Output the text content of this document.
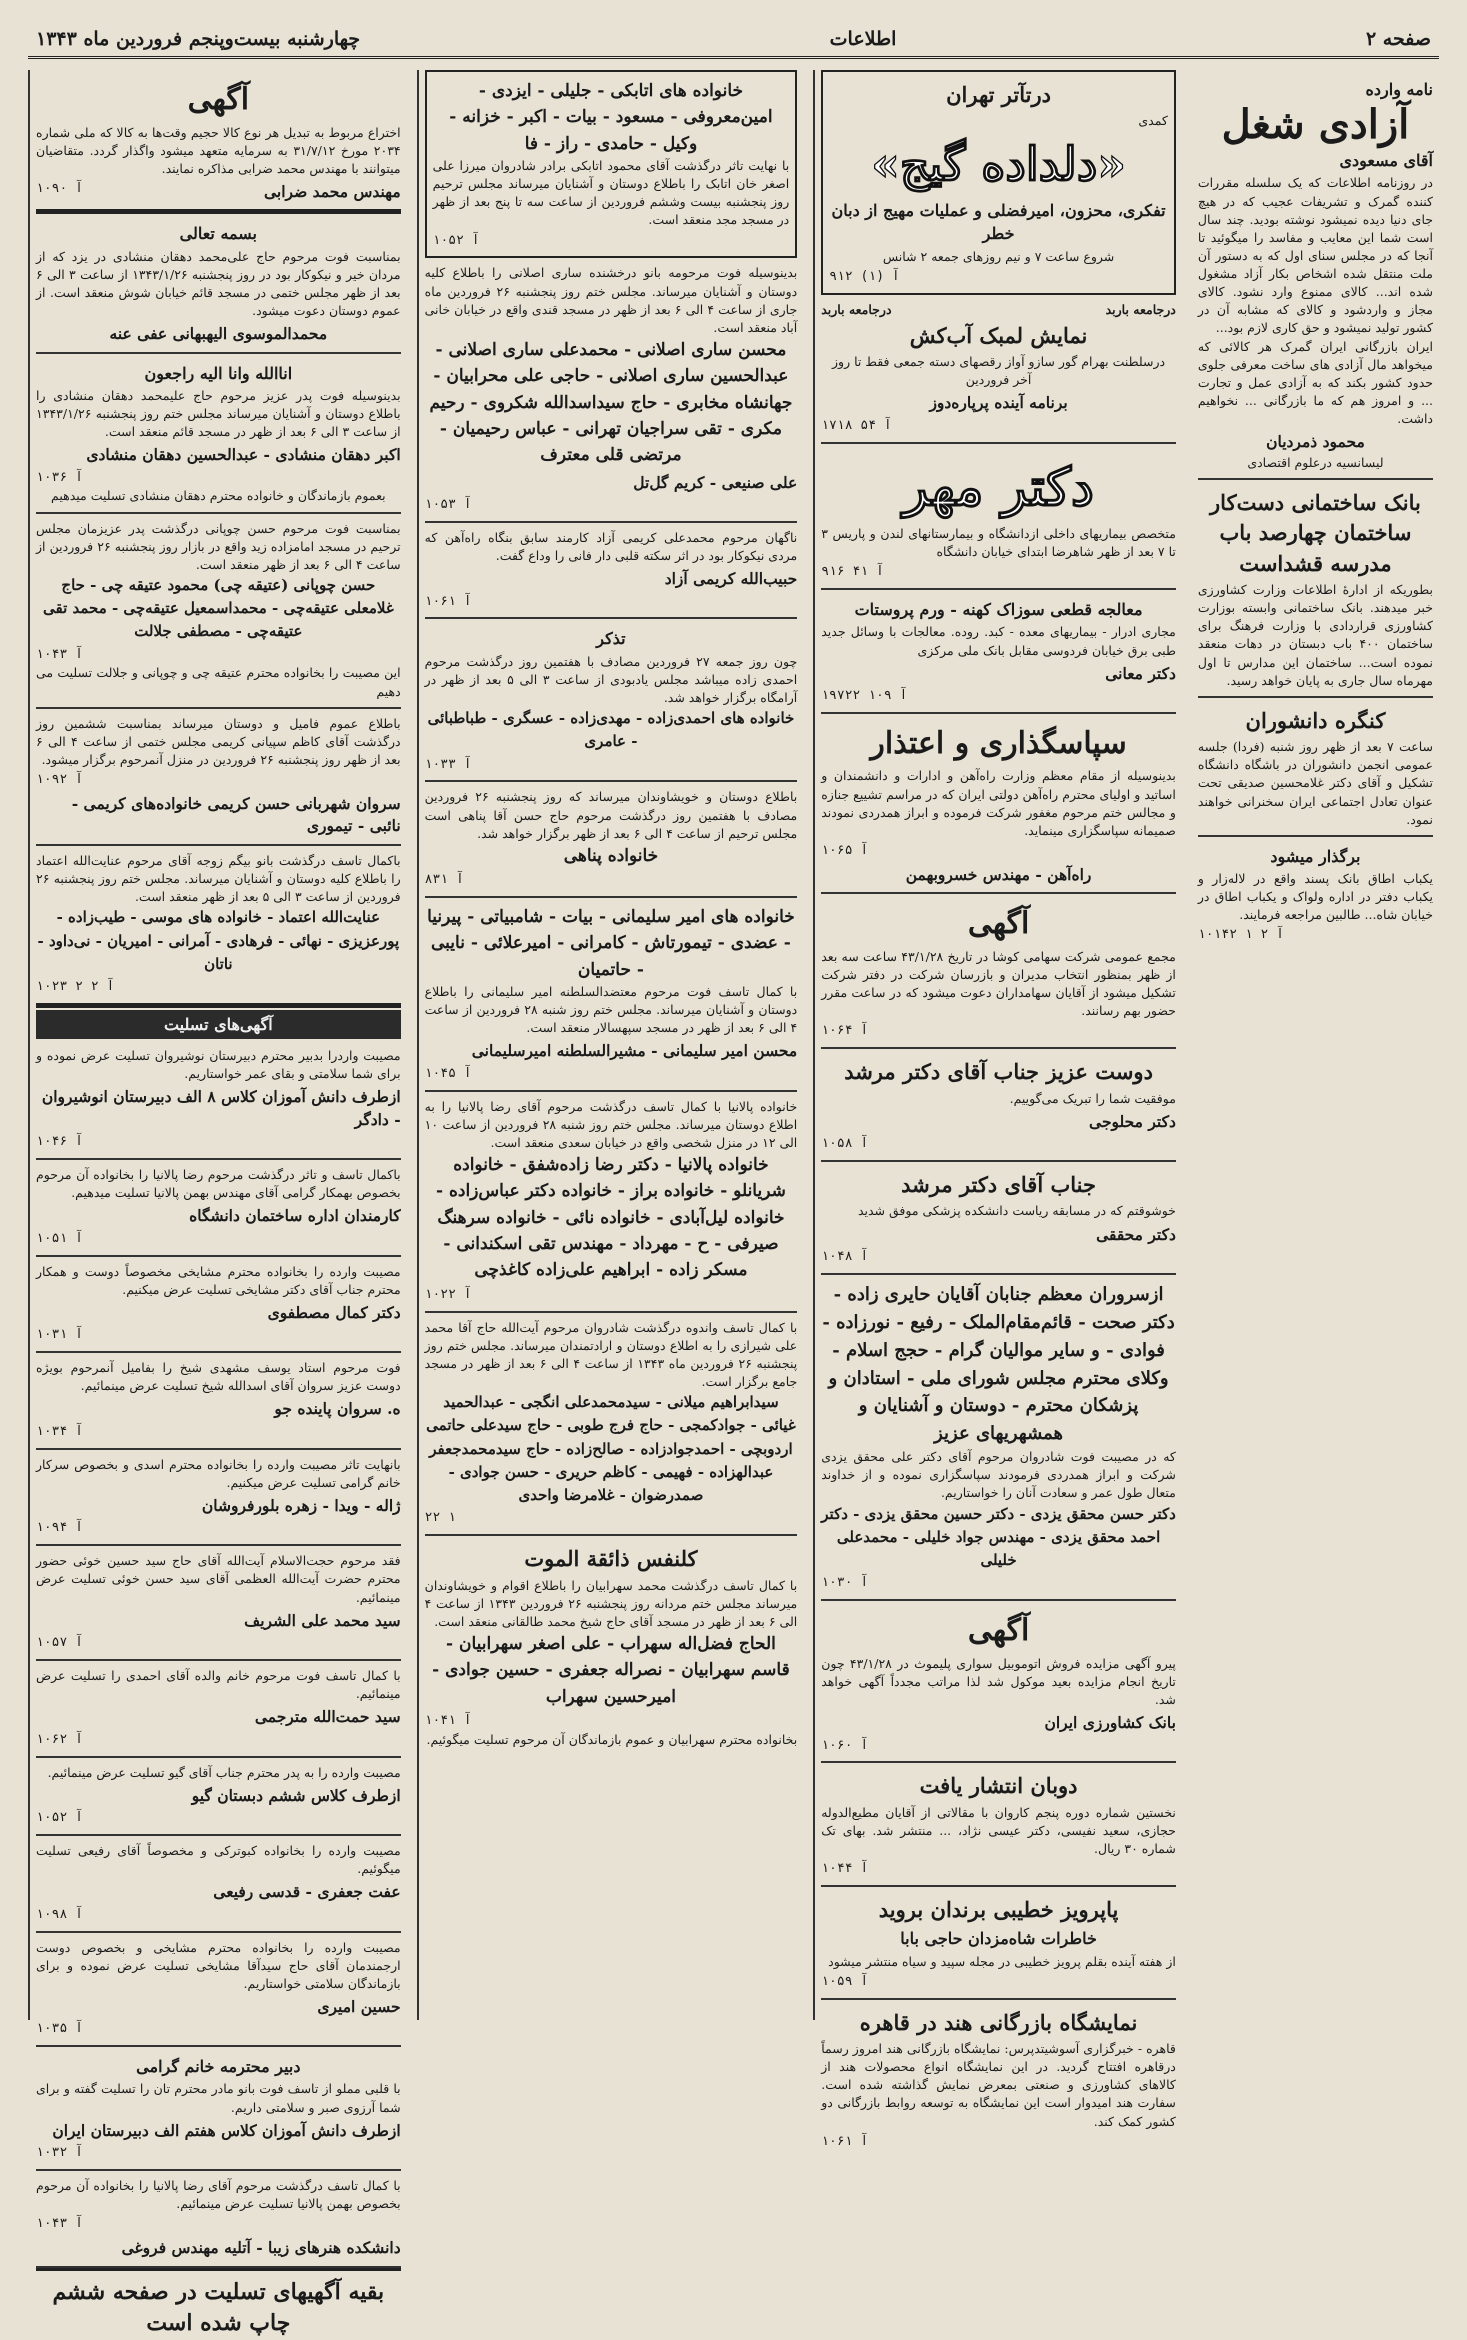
چهارشنبه بیست‌وپنجم فروردین ماه ۱۳۴۳	اطلاعات	صفحه ۲
نامه وارده
آزادی شغل
آقای مسعودی
در روزنامه اطلاعات که یک سلسله مقررات کننده گمرک و تشریفات عجیب که در هیچ جای دنیا دیده نمیشود نوشته بودید. چند سال است شما این معایب و مفاسد را میگوئید تا آنجا که در مجلس سنای اول که به دستور آن ملت منتقل شده اشخاص بکار آزاد مشغول شده اند... کالای ممنوع وارد نشود. کالای مجاز و واردشود و کالای که مشابه آن در کشور تولید نمیشود و حق کاری لازم بود...
ایران بازرگانی ایران گمرک هر کالائی که میخواهد مال آزادی های ساخت معرفی جلوی حدود کشور بکند که به آزادی عمل و تجارت ... و امروز هم که ما بازرگانی ... نخواهیم داشت.
محمود ذمردیان
لیسانسیه درعلوم اقتصادی
بانک ساختمانی دست‌کار ساختمان چهارصد باب مدرسه قشداست
بطوریکه از ادارهٔ اطلاعات وزارت کشاورزی خبر میدهند. بانک ساختمانی وابسته بوزارت کشاورزی قراردادی با وزارت فرهنگ برای ساختمان ۴۰۰ باب دبستان در دهات منعقد نموده است... ساختمان این مدارس تا اول مهرماه سال جاری به پایان خواهد رسید.
کنگره دانشوران
ساعت ۷ بعد از ظهر روز شنبه (فردا) جلسه عمومی انجمن دانشوران در باشگاه دانشگاه تشکیل و آقای دکتر غلامحسین صدیقی تحت عنوان تعادل اجتماعی ایران سخنرانی خواهند نمود.
برگذار میشود
یکباب اطاق بانک پسند واقع در لاله‌زار و یکباب دفتر در اداره ولواک و یکباب اطاق در خیابان شاه... طالبین مراجعه فرمایند.
۱۰۱۴۲ آ ۲ ۱
درتآتر تهران
کمدی
«دلداده گیج»
تفکری، محزون، امیرفضلی و عملیات مهیج از دبان خطر
شروع ساعت ۷ و نیم روزهای جمعه ۲ شانس
۹۱۲ آ (۱)
درجامعه باربد
درجامعه باربد
نمایش لمبک آب‌کش
درسلطنت بهرام گور سازو آواز رقصهای دسته جمعی فقط تا روز آخر فروردین
برنامه آینده پرپاره‌دوز
۱۷۱۸ آ ۵۴
دکتر مهر
متخصص بیماریهای داخلی ازدانشگاه و بیمارستانهای لندن و پاریس ۳ تا ۷ بعد از ظهر شاهرضا ابتدای خیابان دانشگاه
۹۱۶ آ ۴۱
معالجه قطعی سوزاک کهنه - ورم پروستات
مجاری ادرار - بیماریهای معده - کبد. روده. معالجات با وسائل جدید طبی برق خیابان فردوسی مقابل بانک ملی مرکزی
دکتر معانی
۱۹۷۲۲ آ ۱۰۹
سپاسگذاری و اعتذار
بدینوسیله از مقام معظم وزارت راه‌آهن و ادارات و دانشمندان و اساتید و اولیای محترم راه‌آهن دولتی ایران که در مراسم تشییع جنازه و مجالس ختم مرحوم مغفور شرکت فرموده و ابراز همدردی نمودند صمیمانه سپاسگزاری مینماید.
۱۰۶۵ آ
راه‌آهن - مهندس خسروبهمن
آگهی
مجمع عمومی شرکت سهامی کوشا در تاریخ ۴۳/۱/۲۸ ساعت سه بعد از ظهر بمنظور انتخاب مدیران و بازرسان شرکت در دفتر شرکت تشکیل میشود از آقایان سهامداران دعوت میشود که در ساعت مقرر حضور بهم رسانند.
۱۰۶۴ آ
دوست عزیز جناب آقای دکتر مرشد
موفقیت شما را تبریک می‌گوییم.
دکتر محلوجی
۱۰۵۸ آ
جناب آقای دکتر مرشد
خوشوقتم که در مسابقه ریاست دانشکده پزشکی موفق شدید
دکتر محققی
۱۰۴۸ آ
ازسروران معظم جنابان آقایان حایری زاده - دکتر صحت - قائم‌مقام‌الملک - رفیع - نورزاده - فوادی - و سایر موالیان گرام - حجج اسلام - وکلای محترم مجلس شورای ملی - استادان و پزشکان محترم - دوستان و آشنایان و همشهریهای عزیز
که در مصیبت فوت شادروان مرحوم آقای دکتر علی محقق یزدی شرکت و ابراز همدردی فرمودند سپاسگزاری نموده و از خداوند متعال طول عمر و سعادت آنان را خواستاریم.
دکتر حسن محقق یزدی - دکتر حسین محقق یزدی - دکتر احمد محقق یزدی - مهندس جواد خلیلی - محمدعلی خلیلی
۱۰۳۰ آ
آگهی
پیرو آگهی مزایده فروش اتوموبیل سواری پلیموث در ۴۳/۱/۲۸ چون تاریخ انجام مزایده بعید موکول شد لذا مراتب مجدداً آگهی خواهد شد.
بانک کشاورزی ایران
۱۰۶۰ آ
دوبان انتشار یافت
نخستین شماره دوره پنجم کاروان با مقالاتی از آقایان مطیع‌الدوله حجازی، سعید نفیسی، دکتر عیسی نژاد، ... منتشر شد. بهای تک شماره ۳۰ ریال.
۱۰۴۴ آ
پاپرویز خطیبی برندان بروید
خاطرات شاه‌مزدان حاجی بابا
از هفته آینده بقلم پرویز خطیبی در مجله سپید و سیاه منتشر میشود
۱۰۵۹ آ
نمایشگاه بازرگانی هند در قاهره
قاهره - خبرگزاری آسوشیتدپرس: نمایشگاه بازرگانی هند امروز رسماً درقاهره افتتاح گردید. در این نمایشگاه انواع محصولات هند از کالاهای کشاورزی و صنعتی بمعرض نمایش گذاشته شده است. سفارت هند امیدوار است این نمایشگاه به توسعه روابط بازرگانی دو کشور کمک کند.
۱۰۶۱ آ
خانواده های اتابکی - جلیلی - ایزدی - امین‌معروفی - مسعود - بیات - اکبر - خزانه - وکیل - حامدی - راز - فا
با نهایت تاثر درگذشت آقای محمود اتابکی برادر شادروان میرزا علی اصغر خان اتابک را باطلاع دوستان و آشنایان میرساند مجلس ترحیم روز پنجشنبه بیست وششم فروردین از ساعت سه تا پنج بعد از ظهر در مسجد مجد منعقد است.
۱۰۵۲ آ
بدینوسیله فوت مرحومه بانو درخشنده ساری اصلانی را باطلاع کلیه دوستان و آشنایان میرساند. مجلس ختم روز پنجشنبه ۲۶ فروردین ماه جاری از ساعت ۴ الی ۶ بعد از ظهر در مسجد قندی واقع در خیابان خانی آباد منعقد است.
محسن ساری اصلانی - محمدعلی ساری اصلانی - عبدالحسین ساری اصلانی - حاجی علی محرابیان - جهانشاه مخابری - حاج سیداسدالله شکروی - رحیم مکری - تقی سراجیان تهرانی - عباس رحیمیان - مرتضی قلی معترف
علی صنیعی - کریم گل‌تل
۱۰۵۳ آ
ناگهان مرحوم محمدعلی کریمی آزاد کارمند سابق بنگاه راه‌آهن که مردی نیکوکار بود در اثر سکته قلبی دار فانی را وداع گفت.
حبیب‌الله کریمی آزاد
۱۰۶۱ آ
تذکر
چون روز جمعه ۲۷ فروردین مصادف با هفتمین روز درگذشت مرحوم احمدی زاده میباشد مجلس یادبودی از ساعت ۳ الی ۵ بعد از ظهر در آرامگاه برگزار خواهد شد.
خانواده های احمدی‌زاده - مهدی‌زاده - عسگری - طباطبائی - عامری
۱۰۳۳ آ
باطلاع دوستان و خویشاوندان میرساند که روز پنجشنبه ۲۶ فروردین مصادف با هفتمین روز درگذشت مرحوم حاج حسن آقا پناهی است مجلس ترحیم از ساعت ۴ الی ۶ بعد از ظهر برگزار خواهد شد.
خانواده پناهی
۸۳۱ آ
خانواده های امیر سلیمانی - بیات - شامبیاتی - پیرنیا - عضدی - تیمورتاش - کامرانی - امیرعلائی - نایبی - حاتمیان
با کمال تاسف فوت مرحوم معتضدالسلطنه امیر سلیمانی را باطلاع دوستان و آشنایان میرساند. مجلس ختم روز شنبه ۲۸ فروردین از ساعت ۴ الی ۶ بعد از ظهر در مسجد سپهسالار منعقد است.
محسن امیر سلیمانی - مشیرالسلطنه امیرسلیمانی
۱۰۴۵ آ
خانواده پالانیا با کمال تاسف درگذشت مرحوم آقای رضا پالانیا را به اطلاع دوستان میرساند. مجلس ختم روز شنبه ۲۸ فروردین از ساعت ۱۰ الی ۱۲ در منزل شخصی واقع در خیابان سعدی منعقد است.
خانواده پالانیا - دکتر رضا زاده‌شفق - خانواده شریانلو - خانواده براز - خانواده دکتر عباس‌زاده - خانواده لیل‌آبادی - خانواده نائی - خانواده سرهنگ صیرفی - ح - مهرداد - مهندس تقی اسکندانی - مسکر زاده - ابراهیم علی‌زاده کاغذچی
۱۰۲۲ آ
با کمال تاسف واندوه درگذشت شادروان مرحوم آیت‌الله حاج آقا محمد علی شیرازی را به اطلاع دوستان و ارادتمندان میرساند. مجلس ختم روز پنجشنبه ۲۶ فروردین ماه ۱۳۴۳ از ساعت ۴ الی ۶ بعد از ظهر در مسجد جامع برگزار است.
سیدابراهیم میلانی - سیدمحمدعلی انگجی - عبدالحمید غیائی - جوادکمجی - حاج فرج طوبی - حاج سیدعلی حاتمی اردوبچی - احمدجوادزاده - صالح‌زاده - حاج سیدمحمدجعفر عبدالهزاده - فهیمی - کاظم حریری - حسن جوادی - صمدرضوان - غلامرضا واحدی
۲۲ ۱
کلنفس ذائقة الموت
با کمال تاسف درگذشت محمد سهرابیان را باطلاع اقوام و خویشاوندان میرساند مجلس ختم مردانه روز پنجشنبه ۲۶ فروردین ۱۳۴۳ از ساعت ۴ الی ۶ بعد از ظهر در مسجد آقای حاج شیخ محمد طالقانی منعقد است.
الحاج فضل‌اله سهراب - علی اصغر سهرابیان - قاسم سهرابیان - نصراله جعفری - حسین جوادی - امیرحسین سهراب
۱۰۴۱ آ
بخانواده محترم سهرابیان و عموم بازماندگان آن مرحوم تسلیت میگوئیم.
آگهی
اختراع مربوط به تبدیل هر نوع کالا حجیم وقت‌ها به کالا که ملی شماره ۲۰۳۴ مورخ ۳۱/۷/۱۲ به سرمایه متعهد میشود واگذار گردد. متقاضیان میتوانند با مهندس محمد ضرابی مذاکره نمایند.
مهندس محمد ضرابی
۱۰۹۰ آ
بسمه تعالی
بمناسبت فوت مرحوم حاج علی‌محمد دهقان منشادی در یزد که از مردان خیر و نیکوکار بود در روز پنجشنبه ۱۳۴۳/۱/۲۶ از ساعت ۳ الی ۶ بعد از ظهر مجلس ختمی در مسجد قائم خیابان شوش منعقد است. از عموم دوستان دعوت میشود.
محمدالموسوی الیهبهانی عفی عنه
اناالله وانا الیه راجعون
بدینوسیله فوت پدر عزیز مرحوم حاج علیمحمد دهقان منشادی را باطلاع دوستان و آشنایان میرساند مجلس ختم روز پنجشنبه ۱۳۴۳/۱/۲۶ از ساعت ۳ الی ۶ بعد از ظهر در مسجد قائم منعقد است.
اکبر دهقان منشادی - عبدالحسین دهقان منشادی
۱۰۳۶ آ
بعموم بازماندگان و خانواده محترم دهقان منشادی تسلیت میدهیم
بمناسبت فوت مرحوم حسن چوپانی درگذشت پدر عزیزمان مجلس ترحیم در مسجد امامزاده زید واقع در بازار روز پنجشنبه ۲۶ فروردین از ساعت ۴ الی ۶ بعد از ظهر منعقد است.
حسن چوپانی (عتیقه چی) محمود عتیقه چی - حاج غلامعلی عتیقه‌چی - محمداسمعیل عتیقه‌چی - محمد تقی عتیقه‌چی - مصطفی جلالت
۱۰۴۳ آ
این مصیبت را بخانواده محترم عتیقه چی و چوپانی و جلالت تسلیت می دهیم
باطلاع عموم فامیل و دوستان میرساند بمناسبت ششمین روز درگذشت آقای کاظم سپیانی کریمی مجلس ختمی از ساعت ۴ الی ۶ بعد از ظهر روز پنجشنبه ۲۶ فروردین در منزل آنمرحوم برگزار میشود.
۱۰۹۲ آ
سروان شهربانی حسن کریمی خانواده‌های کریمی - نائبی - تیموری
باکمال تاسف درگذشت بانو بیگم زوجه آقای مرحوم عنایت‌الله اعتماد را باطلاع کلیه دوستان و آشنایان میرساند. مجلس ختم روز پنجشنبه ۲۶ فروردین از ساعت ۳ الی ۵ بعد از ظهر منعقد است.
عنایت‌الله اعتماد - خانواده های موسی - طیب‌زاده - پورعزیزی - نهائی - فرهادی - آمرانی - امیریان - نی‌داود - ناتان
۱۰۲۳ آ ۲ ۲
آگهی‌های تسلیت
مصیبت واردرا بدبیر محترم دبیرستان نوشیروان تسلیت عرض نموده و برای شما سلامتی و بقای عمر خواستاریم.
ازطرف دانش آموزان کلاس ۸ الف دبیرستان انوشیروان - دادگر
۱۰۴۶ آ
باکمال تاسف و تاثر درگذشت مرحوم رضا پالانیا را بخانواده آن مرحوم بخصوص بهمکار گرامی آقای مهندس بهمن پالانیا تسلیت میدهیم.
کارمندان اداره ساختمان دانشگاه
۱۰۵۱ آ
مصیبت وارده را بخانواده محترم مشایخی مخصوصاً دوست و همکار محترم جناب آقای دکتر مشایخی تسلیت عرض میکنیم.
دکتر کمال مصطفوی
۱۰۳۱ آ
فوت مرحوم استاد یوسف مشهدی شیخ را بفامیل آنمرحوم بویژه دوست عزیز سروان آقای اسدالله شیخ تسلیت عرض مینمائیم.
ه. سروان پاینده جو
۱۰۳۴ آ
بانهایت تاثر مصیبت وارده را بخانواده محترم اسدی و بخصوص سرکار خانم گرامی تسلیت عرض میکنیم.
ژاله - ویدا - زهره بلورفروشان
۱۰۹۴ آ
فقد مرحوم حجت‌الاسلام آیت‌الله آقای حاج سید حسین خوئی حضور محترم حضرت آیت‌الله العظمی آقای سید حسن خوئی تسلیت عرض مینمائیم.
سید محمد علی الشریف
۱۰۵۷ آ
با کمال تاسف فوت مرحوم خانم والده آقای احمدی را تسلیت عرض مینمائیم.
سید حمت‌الله مترجمی
۱۰۶۲ آ
مصیبت وارده را به پدر محترم جناب آقای گیو تسلیت عرض مینمائیم.
ازطرف کلاس ششم دبستان گیو
۱۰۵۲ آ
مصیبت وارده را بخانواده کبوترکی و مخصوصاً آقای رفیعی تسلیت میگوئیم.
عفت جعفری - قدسی رفیعی
۱۰۹۸ آ
مصیبت وارده را بخانواده محترم مشایخی و بخصوص دوست ارجمندمان آقای حاج سیدآقا مشایخی تسلیت عرض نموده و برای بازماندگان سلامتی خواستاریم.
حسین امیری
۱۰۳۵ آ
دبیر محترمه خانم گرامی
با قلبی مملو از تاسف فوت بانو مادر محترم تان را تسلیت گفته و برای شما آرزوی صبر و سلامتی داریم.
ازطرف دانش آموزان کلاس هفتم الف دبیرستان ایران
۱۰۳۲ آ
با کمال تاسف درگذشت مرحوم آقای رضا پالانیا را بخانواده آن مرحوم بخصوص بهمن پالانیا تسلیت عرض مینمائیم.
۱۰۴۳ آ
دانشکده هنرهای زیبا - آتلیه مهندس فروغی
بقیه آگهیهای تسلیت در صفحه ششم چاپ شده است
